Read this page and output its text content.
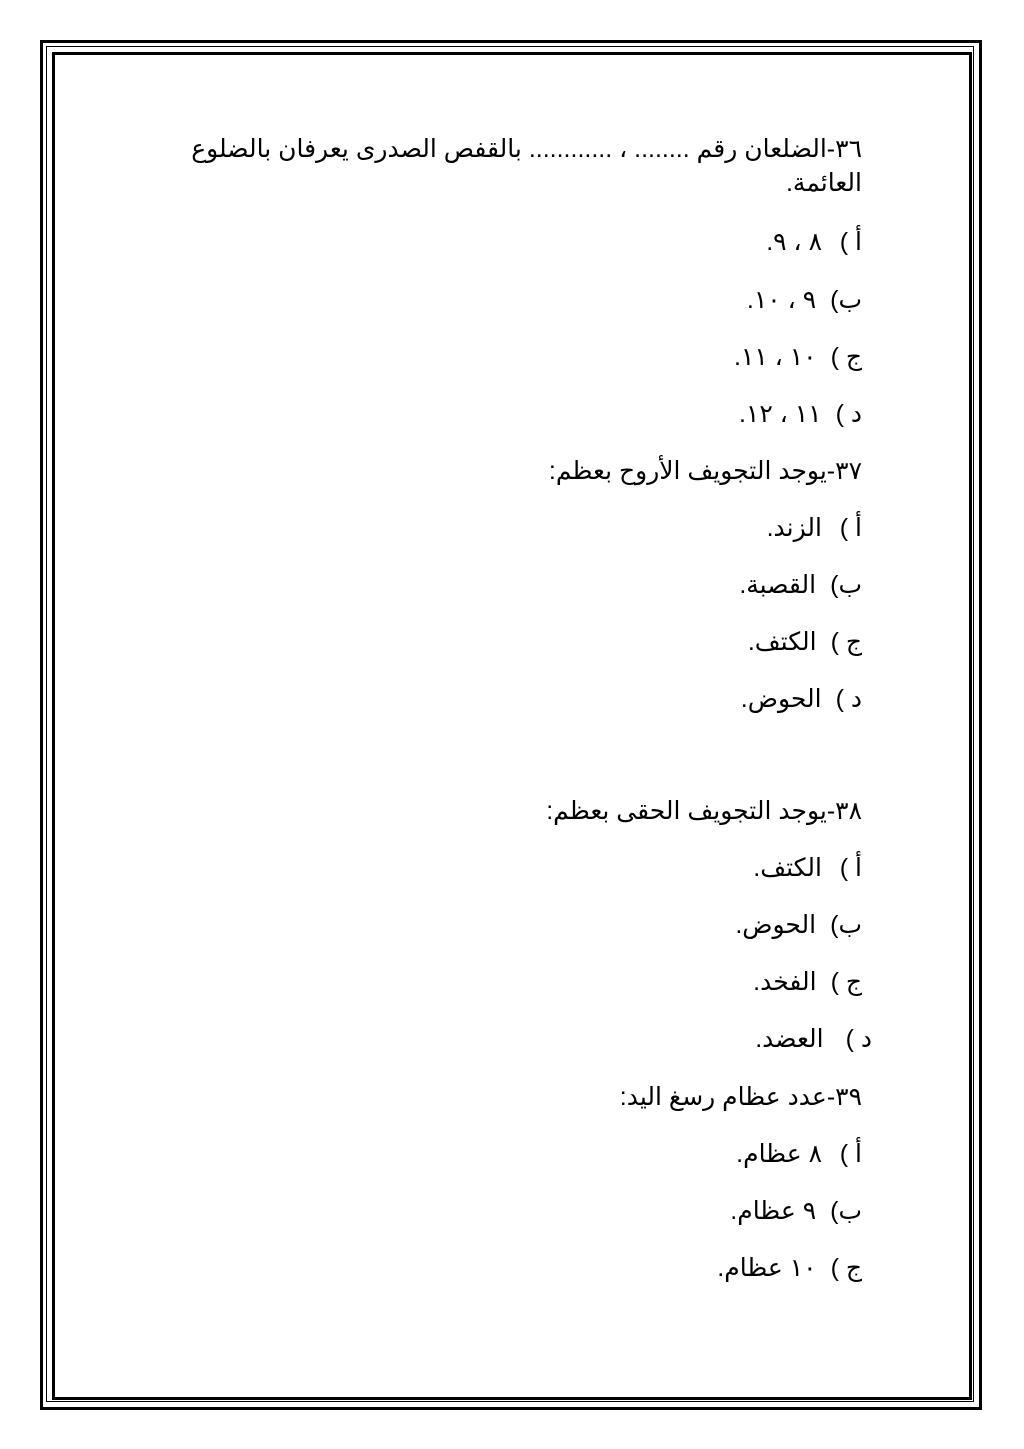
٣٦-الضلعان رقم ........ ، ............ بالقفص الصدرى يعرفان بالضلوع العائمة.
أ )٨ ، ٩.
ب)٩ ، ١٠.
ج )١٠ ، ١١.
د )١١ ، ١٢.
٣٧-يوجد التجويف الأروح بعظم:
أ )الزند.
ب)القصبة.
ج )الكتف.
د )الحوض.
٣٨-يوجد التجويف الحقى بعظم:
أ )الكتف.
ب)الحوض.
ج )الفخد.
د )العضد.
٣٩-عدد عظام رسغ اليد:
أ )٨ عظام.
ب)٩ عظام.
ج )١٠ عظام.
